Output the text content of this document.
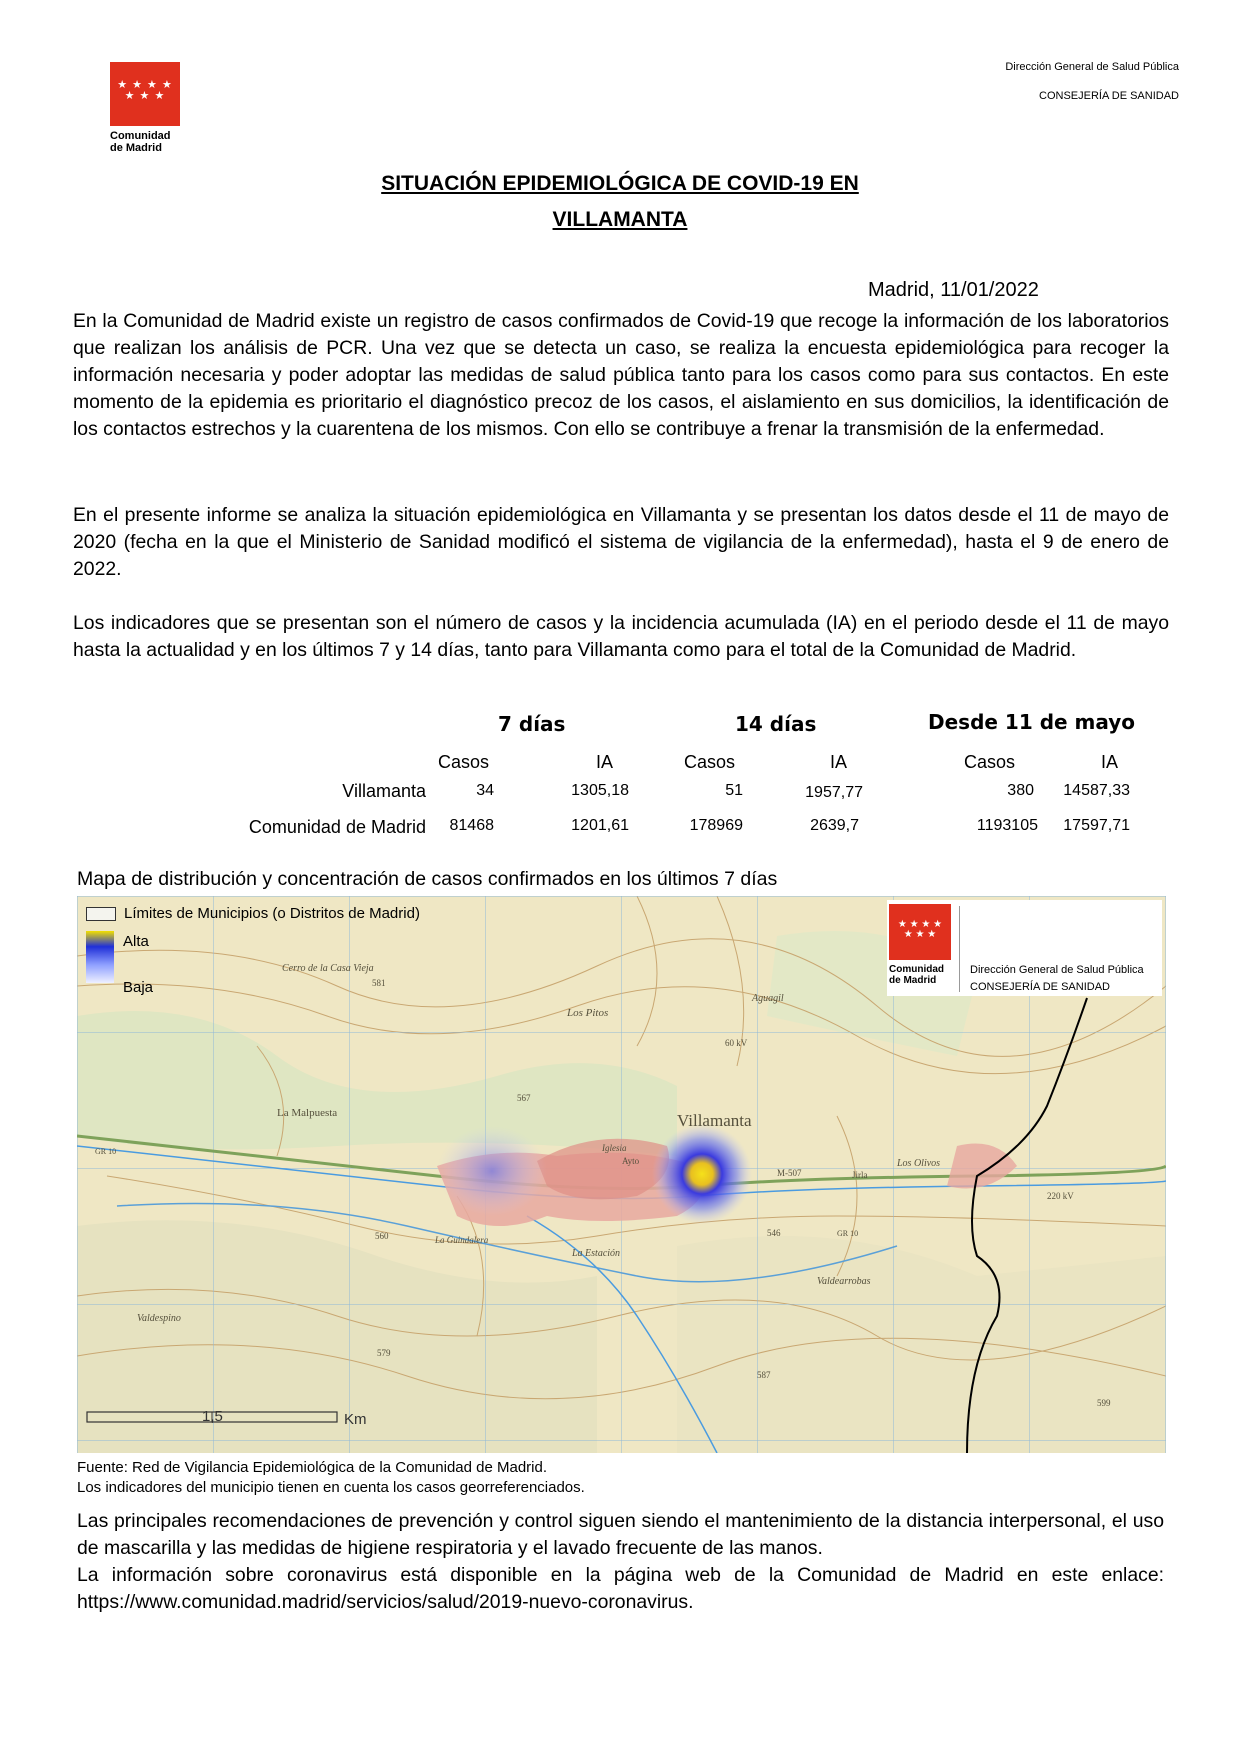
★ ★ ★ ★
★ ★ ★
Comunidad de Madrid
Dirección General de Salud Pública
CONSEJERÍA DE SANIDAD
SITUACIÓN EPIDEMIOLÓGICA DE COVID-19 EN
VILLAMANTA
Madrid, 11/01/2022
En la Comunidad de Madrid existe un registro de casos confirmados de Covid-19 que recoge la información de los laboratorios que realizan los análisis de PCR. Una vez que se detecta un caso, se realiza la encuesta epidemiológica para recoger la información necesaria y poder adoptar las medidas de salud pública tanto para los casos como para sus contactos. En este momento de la epidemia es prioritario el diagnóstico precoz de los casos, el aislamiento en sus domicilios, la identificación de los contactos estrechos y la cuarentena de los mismos. Con ello se contribuye a frenar la transmisión de la enfermedad.
En el presente informe se analiza la situación epidemiológica en Villamanta y se presentan los datos desde el 11 de mayo de 2020 (fecha en la que el Ministerio de Sanidad modificó el sistema de vigilancia de la enfermedad), hasta el 9 de enero de 2022.
Los indicadores que se presentan son el número de casos y la incidencia acumulada (IA) en el periodo desde el 11 de mayo hasta la actualidad y en los últimos 7 y 14 días, tanto para Villamanta como para el total de la Comunidad de Madrid.
7 días	14 días	Desde 11 de mayo
Casos	IA	Casos	IA	Casos	IA
Villamanta	34	1305,18	51	1957,77	380 14587,33
Comunidad de Madrid 81468	1201,61	178969	2639,7	1193105 17597,71
Mapa de distribución y concentración de casos confirmados en los últimos 7 días
Villamanta
Cerro de la Casa Vieja
581
Los Pitos
Aguagil
60 kV
La Malpuesta
567
Iglesia
Ayto
M-507	Jirla
Los Olivos
220 kV
GR 10
La Guindalera
560
La Estación
546	GR 10
Valdearrobas
Valdespino
579
587
599
1,5	Km
Límites de Municipios (o Distritos de Madrid)
Alta
Baja
★ ★ ★ ★
★ ★ ★
Comunidad de Madrid
Dirección General de Salud Pública
CONSEJERÍA DE SANIDAD
Fuente: Red de Vigilancia Epidemiológica de la Comunidad de Madrid.
Los indicadores del municipio tienen en cuenta los casos georreferenciados.
Las principales recomendaciones de prevención y control siguen siendo el mantenimiento de la distancia interpersonal, el uso de mascarilla y las medidas de higiene respiratoria y el lavado frecuente de las manos.
La información sobre coronavirus está disponible en la página web de la Comunidad de Madrid en este enlace: https://www.comunidad.madrid/servicios/salud/2019-nuevo-coronavirus.
